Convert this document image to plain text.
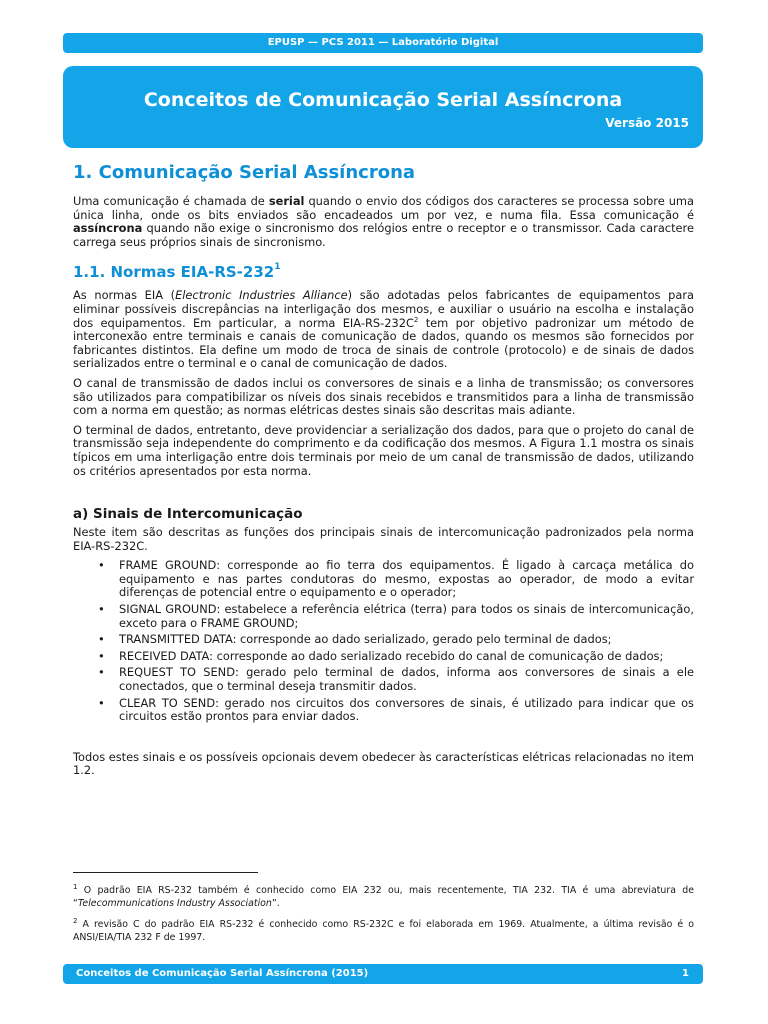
EPUSP — PCS 2011 — Laboratório Digital
Conceitos de Comunicação Serial Assíncrona
Versão 2015
1. Comunicação Serial Assíncrona

Uma comunicação é chamada de serial quando o envio dos códigos dos caracteres se processa sobre uma única linha, onde os bits enviados são encadeados um por vez, e numa fila. Essa comunicação é assíncrona quando não exige o sincronismo dos relógios entre o receptor e o transmissor. Cada caractere carrega seus próprios sinais de sincronismo.

1.1. Normas EIA-$RS-232^1$

As normas EIA (Electronic Industries Alliance) são adotadas pelos fabricantes de equipamentos para eliminar possíveis discrepâncias na interligação dos mesmos, e auxiliar o usuário na escolha e instalação dos equipamentos. Em particular, a norma EIA-$RS-232C^2$ tem por objetivo padronizar um método de interconexão entre terminais e canais de comunicação de dados, quando os mesmos são fornecidos por fabricantes distintos. Ela define um modo de troca de sinais de controle (protocolo) e de sinais de dados serializados entre o terminal e o canal de comunicação de dados.

O canal de transmissão de dados inclui os conversores de sinais e a linha de transmissão; os conversores são utilizados para compatibilizar os níveis dos sinais recebidos e transmitidos para a linha de transmissão com a norma em questão; as normas elétricas destes sinais são descritas mais adiante.

O terminal de dados, entretanto, deve providenciar a serialização dos dados, para que o projeto do canal de transmissão seja independente do comprimento e da codificação dos mesmos. A Figura 1.1 mostra os sinais típicos em uma interligação entre dois terminais por meio de um canal de transmissão de dados, utilizando os critérios apresentados por esta norma.

a) Sinais de Intercomunicação

Neste item são descritas as funções dos principais sinais de intercomunicação padronizados pela norma EIA-RS-232C.

• FRAME GROUND: corresponde ao fio terra dos equipamentos. É ligado à carcaça metálica do equipamento e nas partes condutoras do mesmo, expostas ao operador, de modo a evitar diferenças de potencial entre o equipamento e o operador;
• SIGNAL GROUND: estabelece a referência elétrica (terra) para todos os sinais de intercomunicação, exceto para o FRAME GROUND;
• TRANSMITTED DATA: corresponde ao dado serializado, gerado pelo terminal de dados;
• RECEIVED DATA: corresponde ao dado serializado recebido do canal de comunicação de dados;
• REQUEST TO SEND: gerado pelo terminal de dados, informa aos conversores de sinais a ele conectados, que o terminal deseja transmitir dados.
• CLEAR TO SEND: gerado nos circuitos dos conversores de sinais, é utilizado para indicar que os circuitos estão prontos para enviar dados.

Todos estes sinais e os possíveis opcionais devem obedecer às características elétricas relacionadas no item 1.2.

$^1$ O padrão EIA RS-232 também é conhecido como EIA 232 ou, mais recentemente, TIA 232. TIA é uma abreviatura de “Telecommunications Industry Association”.

$^2$ A revisão C do padrão EIA RS-232 é conhecido como RS-232C e foi elaborada em 1969. Atualmente, a última revisão é o ANSI/EIA/TIA 232 F de 1997.

Conceitos de Comunicação Serial Assíncrona (2015)	1
